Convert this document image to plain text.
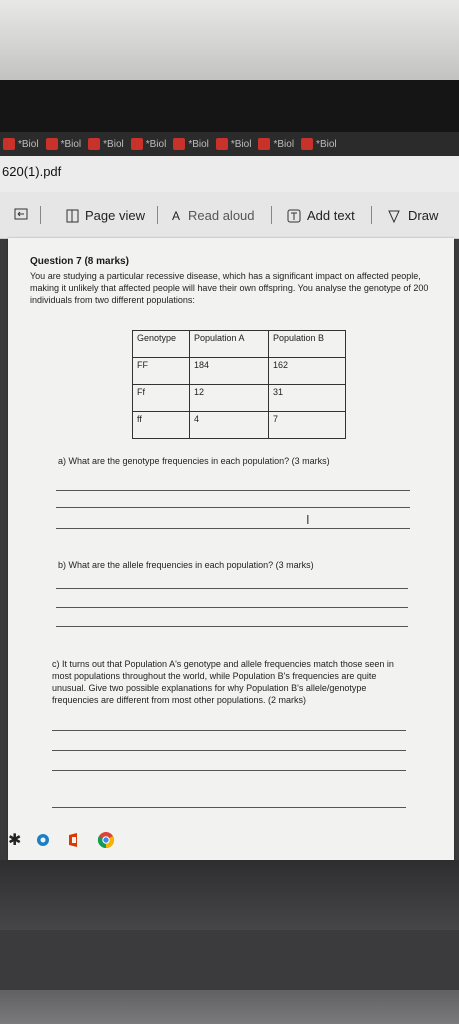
*Biol *Biol *Biol *Biol *Biol *Biol *Biol *Biol
620(1).pdf
Page view A Read aloud	Add text	Draw
Question 7 (8 marks)
You are studying a particular recessive disease, which has a significant impact on affected people, making it unlikely that affected people will have their own offspring. You analyse the genotype of 200 individuals from two different populations:
Genotype	Population A	Population B
FF	184	162
Ff	12	31
ff	4	7
a) What are the genotype frequencies in each population? (3 marks)
I
b) What are the allele frequencies in each population? (3 marks)
c) It turns out that Population A's genotype and allele frequencies match those seen in most populations throughout the world, while Population B's frequencies are quite unusual. Give two possible explanations for why Population B's allele/genotype frequencies are different from most other populations. (2 marks)
✱
